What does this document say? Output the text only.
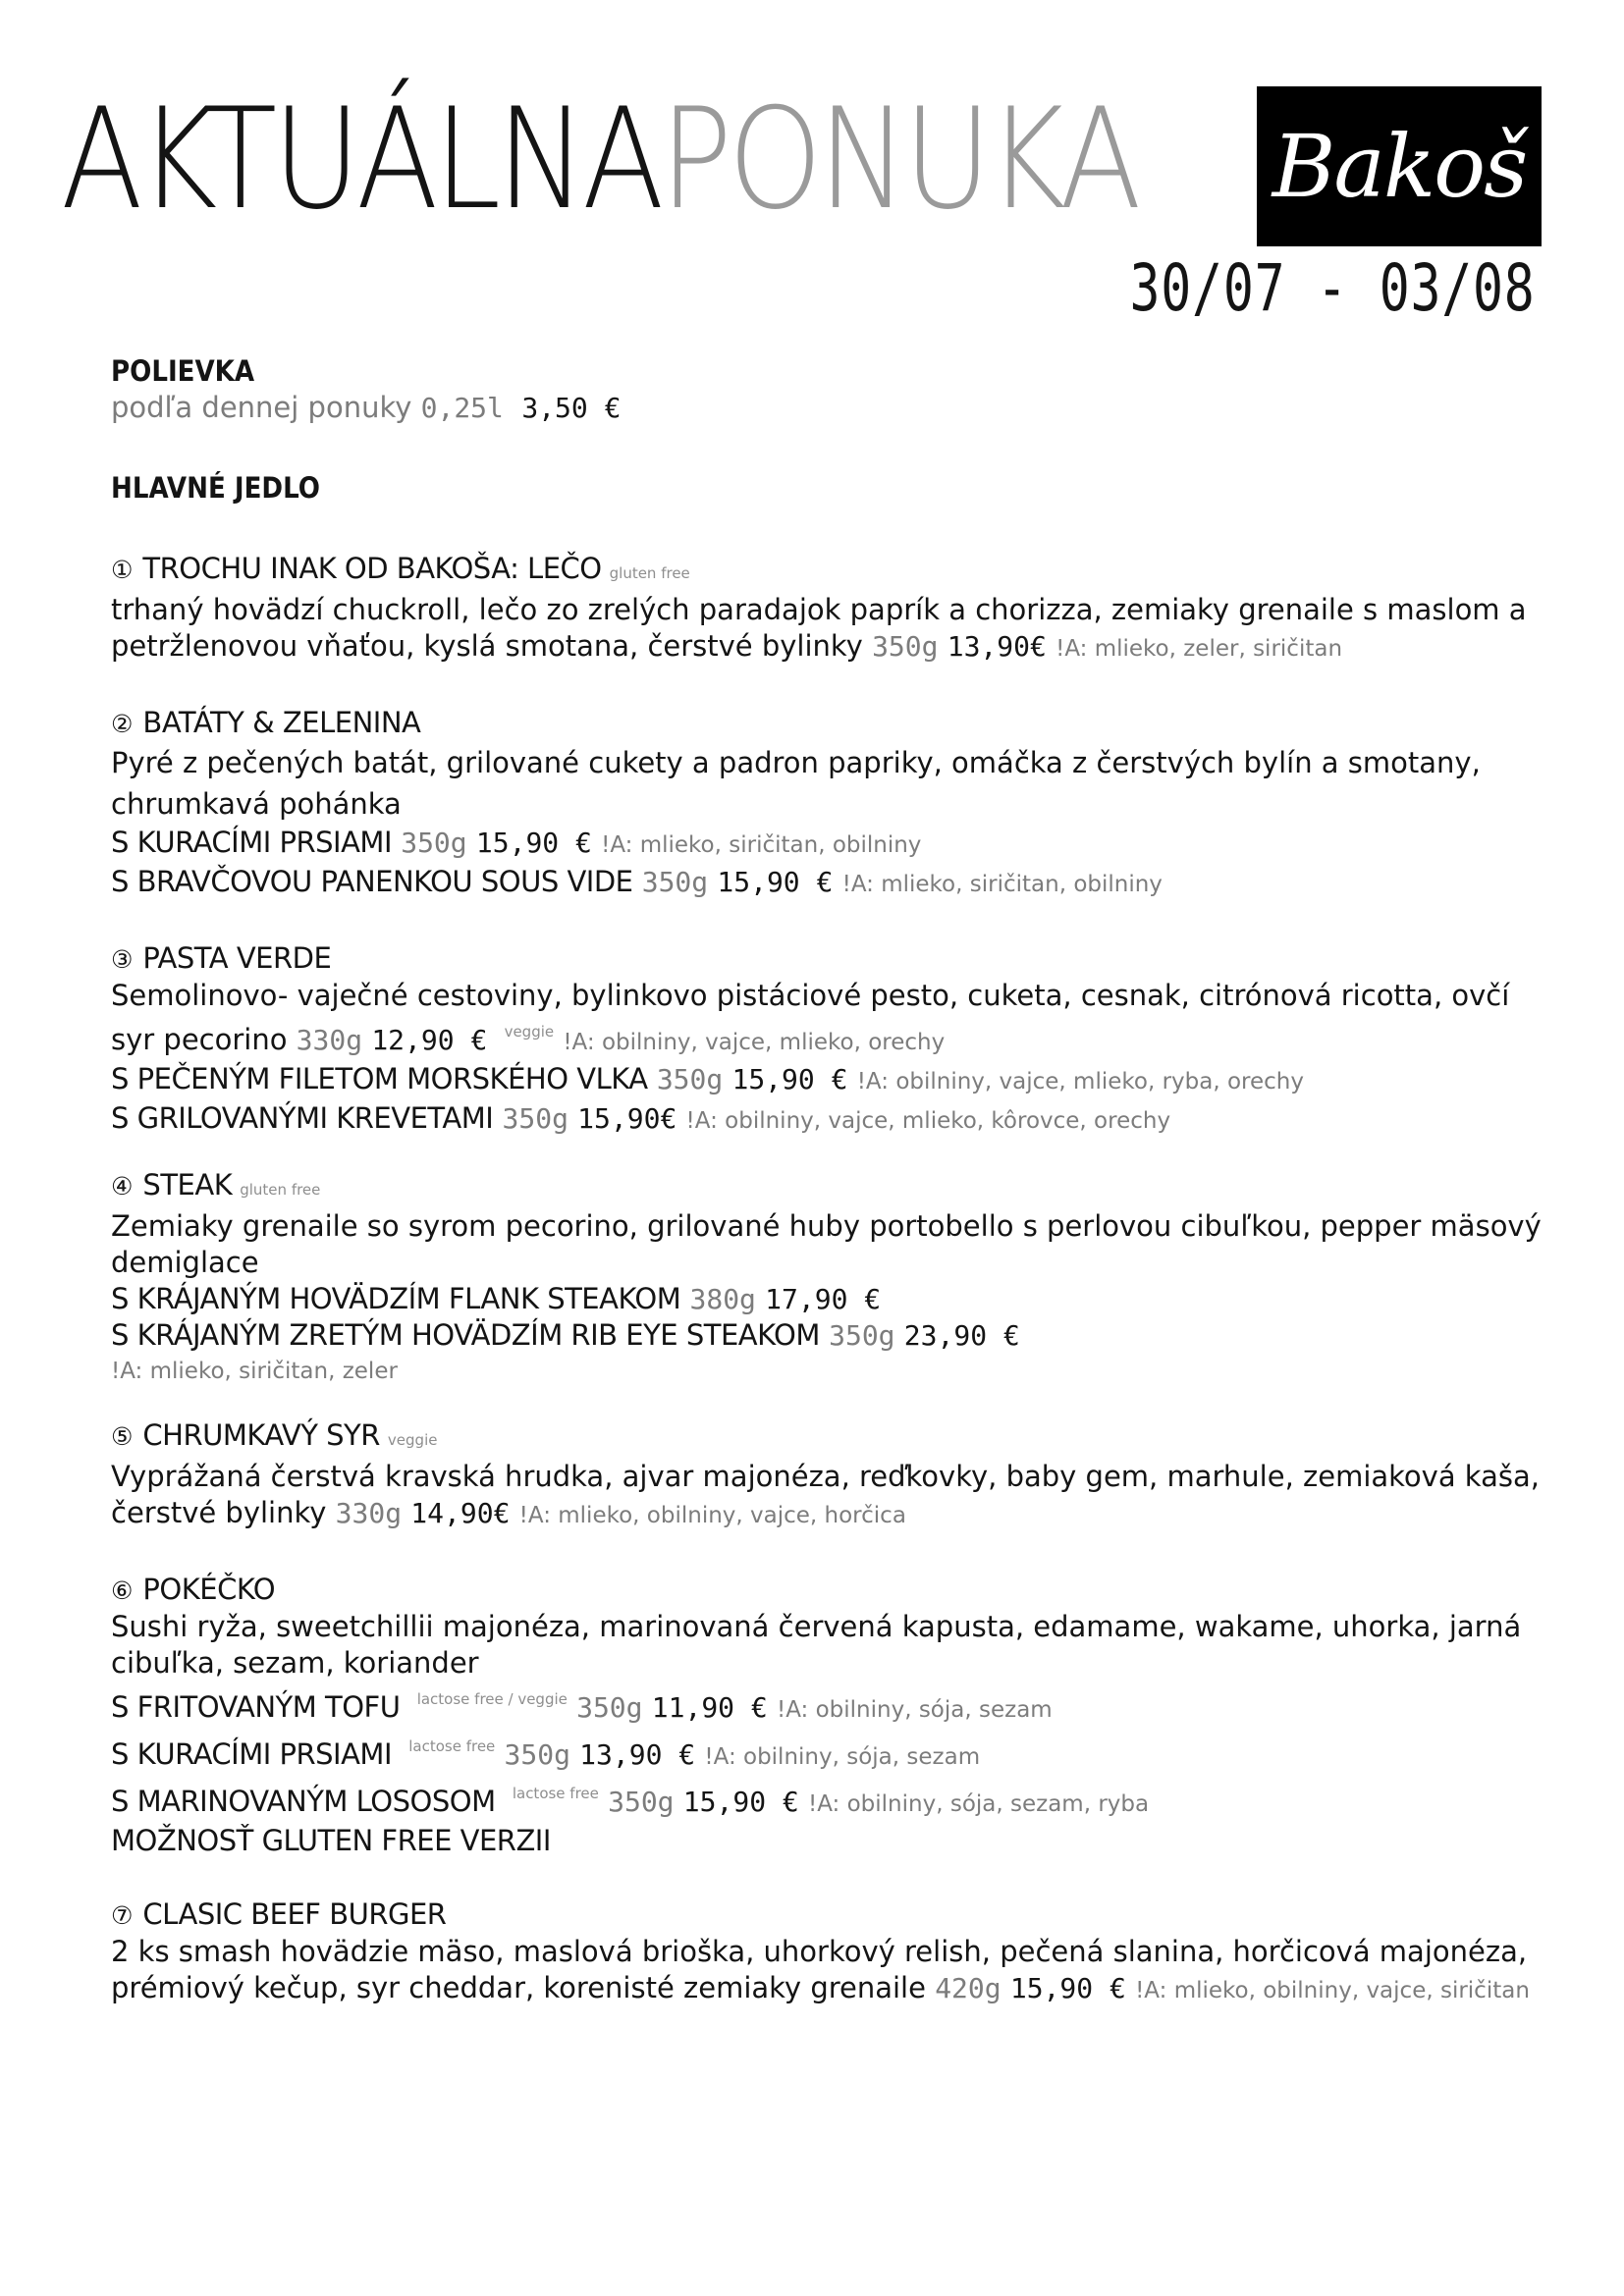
AKTUÁLNAPONUKA Bakoš

30/07 - 03/08

POLIEVKA

podľa dennej ponuky 0,25l 3,50 €

HLAVNÉ JEDLO
① TROCHU INAK OD BAKOŠA: LEČO gluten free

trhaný hovädzí chuckroll, lečo zo zrelých paradajok paprík a chorizza, zemiaky grenaile s maslom a petržlenovou vňaťou, kyslá smotana, čerstvé bylinky 350g 13,90€ !A: mlieko, zeler, siričitan

② BATÁTY & ZELENINA

Pyré z pečených batát, grilované cukety a padron papriky, omáčka z čerstvých bylín a smotany, chrumkavá pohánka

S KURACÍMI PRSIAMI 350g 15,90 € !A: mlieko, siričitan, obilniny

S BRAVČOVOU PANENKOU SOUS VIDE 350g 15,90 € !A: mlieko, siričitan, obilniny

③ PASTA VERDE

Semolinovo- vaječné cestoviny, bylinkovo pistáciové pesto, cuketa, cesnak, citrónová ricotta, ovčí syr pecorino 330g 12,90 € $^{veggie}$ !A: obilniny, vajce, mlieko, orechy

S PEČENÝM FILETOM MORSKÉHO VLKA 350g 15,90 € !A: obilniny, vajce, mlieko, ryba, orechy

S GRILOVANÝMI KREVETAMI 350g 15,90€ !A: obilniny, vajce, mlieko, kôrovce, orechy

④ STEAK gluten free

Zemiaky grenaile so syrom pecorino, grilované huby portobello s perlovou cibuľkou, pepper mäsový demiglace

S KRÁJANÝM HOVÄDZÍM FLANK STEAKOM 380g 17,90 €

S KRÁJANÝM ZRETÝM HOVÄDZÍM RIB EYE STEAKOM 350g 23,90 €

!A: mlieko, siričitan, zeler

⑤ CHRUMKAVÝ SYR veggie

Vyprážaná čerstvá kravská hrudka, ajvar majonéza, reďkovky, baby gem, marhule, zemiaková kaša, čerstvé bylinky 330g 14,90€ !A: mlieko, obilniny, vajce, horčica

⑥ POKÉČKO

Sushi ryža, swеetchillii majonéza, marinovaná červená kapusta, edamame, wakame, uhorka, jarná cibuľka, sezam, koriander

S FRITOVANÝM TOFU $^{lactose free / veggie}$ 350g 11,90 € !A: obilniny, sója, sezam

S KURACÍMI PRSIAMI $^{lactose free}$ 350g 13,90 € !A: obilniny, sója, sezam

S MARINOVANÝM LOSOSOM $^{lactose free}$ 350g 15,90 € !A: obilniny, sója, sezam, ryba

MOŽNOSŤ GLUTEN FREE VERZII

⑦ CLASIC BEEF BURGER

2 ks smash hovädzie mäso, maslová brioška, uhorkový relish, pečená slanina, horčicová majonéza, prémiový kečup, syr cheddar, korenisté zemiaky grenaile 420g 15,90 € !A: mlieko, obilniny, vajce, siričitan
